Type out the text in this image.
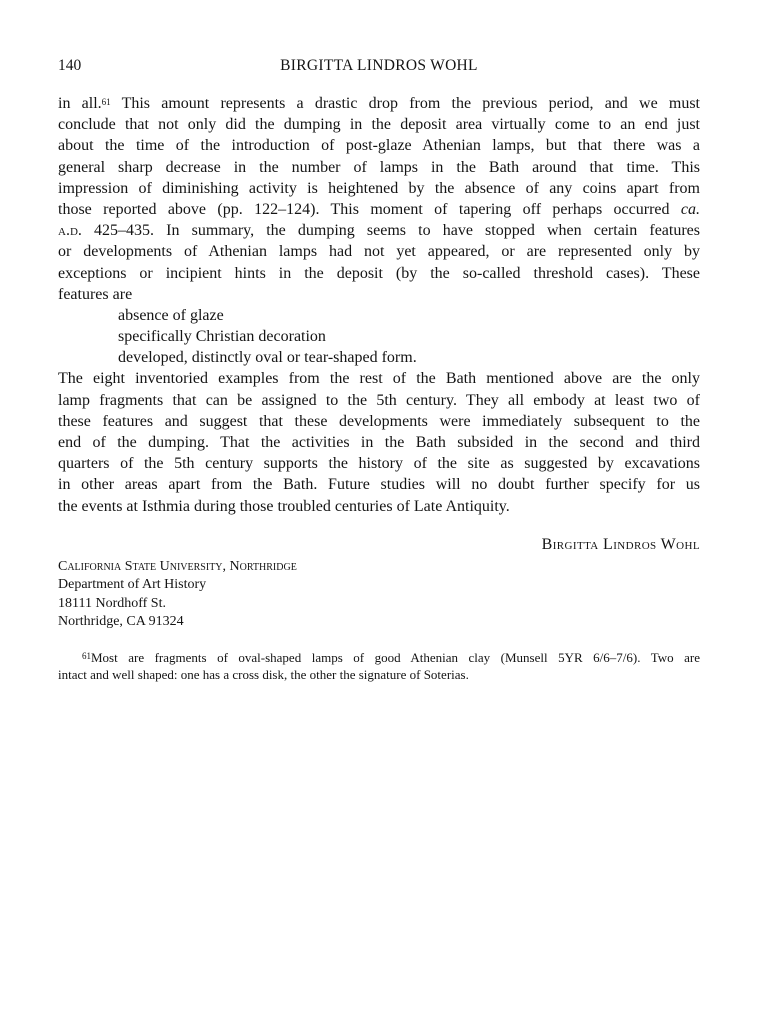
140	BIRGITTA LINDROS WOHL
in all.$^{61}$ This amount represents a drastic drop from the previous period, and we must
conclude that not only did the dumping in the deposit area virtually come to an end just
about the time of the introduction of post-glaze Athenian lamps, but that there was a
general sharp decrease in the number of lamps in the Bath around that time. This
impression of diminishing activity is heightened by the absence of any coins apart from
those reported above (pp. 122–124). This moment of tapering off perhaps occurred ca.
a.d. 425–435. In summary, the dumping seems to have stopped when certain features
or developments of Athenian lamps had not yet appeared, or are represented only by
exceptions or incipient hints in the deposit (by the so-called threshold cases). These
features are
absence of glaze
specifically Christian decoration
developed, distinctly oval or tear-shaped form.
The eight inventoried examples from the rest of the Bath mentioned above are the only
lamp fragments that can be assigned to the 5th century. They all embody at least two of
these features and suggest that these developments were immediately subsequent to the
end of the dumping. That the activities in the Bath subsided in the second and third
quarters of the 5th century supports the history of the site as suggested by excavations
in other areas apart from the Bath. Future studies will no doubt further specify for us
the events at Isthmia during those troubled centuries of Late Antiquity.
Birgitta Lindros Wohl
California State University, Northridge
Department of Art History
18111 Nordhoff St.
Northridge, CA 91324
$^{61}$Most are fragments of oval-shaped lamps of good Athenian clay (Munsell 5YR 6/6–7/6). Two are
intact and well shaped: one has a cross disk, the other the signature of Soterias.
